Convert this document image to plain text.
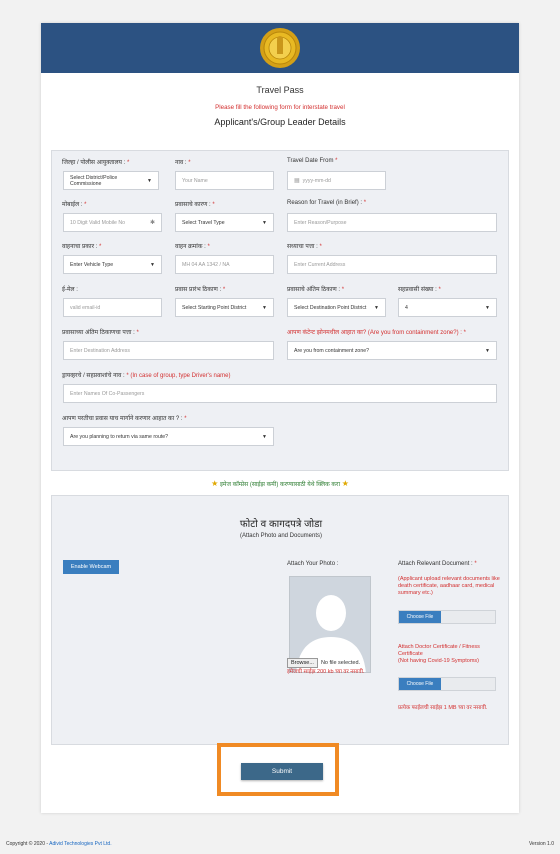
Travel Pass
Please fill the following form for interstate travel
Applicant's/Group Leader Details
जिल्हा / पोलीस आयुक्तालय : *
Select District/Police Commissione	▼
नाव : *
Your Name
Travel Date From *
▦ yyyy-mm-dd
मोबाईल : *
10 Digit Valid Mobile No	✱
प्रवासाचे कारण : *
Select Travel Type	▼
Reason for Travel (in Brief) : *
Enter Reason/Purpose
वाहनाचा प्रकार : *
Enter Vehicle Type	▼
वाहन क्रमांक : *
MH 04 AA 1342 / NA
सध्याचा पत्ता : *
Enter Current Address
ई-मेल :
valid email-id
प्रवास प्रारंभ ठिकाण : *
Select Starting Point District	▼
प्रवासाचे अंतिम ठिकाण : *
Select Destination Point District ▼
सहप्रवासी संख्या : *
4	▼
प्रवासाच्या अंतिम ठिकाणचा पत्ता : *
Enter Destination Address
आपण कंटेन्ट झोनमधील आहात का? (Are you from containment zone?) : *
Are you from containment zone?	▼
ड्रायव्हरचे / सहप्रवाशांचे नाव : * (In case of group, type Driver's name)
Enter Names Of Co-Passengers
आपण परतीचा प्रवास याच मार्गाने करणार आहात का ? : *
Are you planning to return via same route?	▼
★ इमेज कॉम्प्रेस (साईझ कमी) करण्यासाठी येथे क्लिक करा ★
फोटो व कागदपत्रे जोडा
(Attach Photo and Documents)
Enable Webcam	Attach Your Photo :
Browse...	No file selected.
इमेजची साईझ 200 kb च्या वर नसावी.
Attach Relevant Document : *
(Applicant upload relevant documents like death certificate, aadhaar card, medical summary etc.)
Choose File
Attach Doctor Certificate / Fitness Certificate
(Not having Covid-19 Symptoms)
Choose File
प्रत्येक फाईलची साईझ 1 MB च्या वर नसावी.
Submit
Copyright © 2020 - Adivid Technologies Pvt Ltd.	Version 1.0
